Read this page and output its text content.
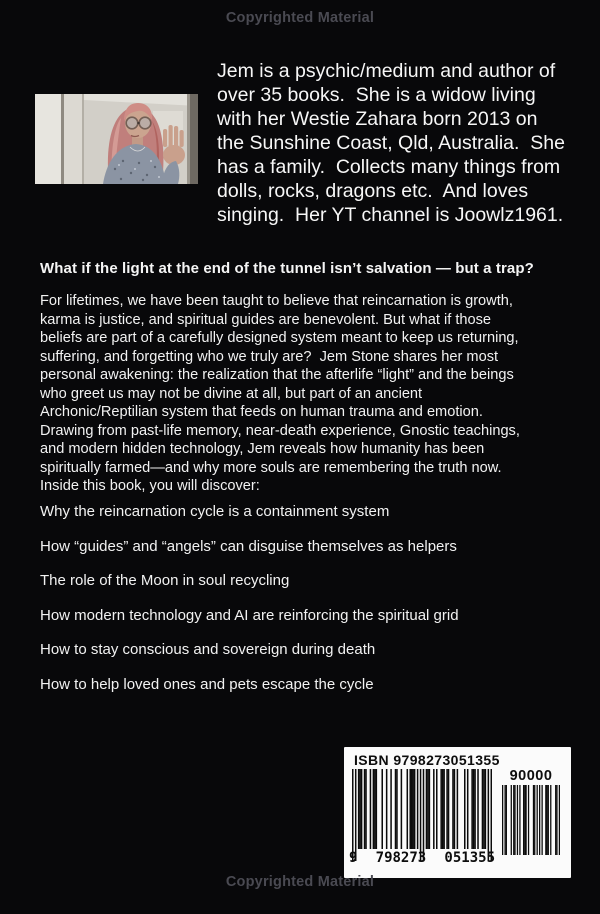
Copyrighted Material
Jem is a psychic/medium and author of
over 35 books.  She is a widow living
with her Westie Zahara born 2013 on
the Sunshine Coast, Qld, Australia.  She
has a family.  Collects many things from
dolls, rocks, dragons etc.  And loves
singing.  Her YT channel is Joowlz1961.
What if the light at the end of the tunnel isn’t salvation — but a trap?
For lifetimes, we have been taught to believe that reincarnation is growth,
karma is justice, and spiritual guides are benevolent. But what if those
beliefs are part of a carefully designed system meant to keep us returning,
suffering, and forgetting who we truly are?  Jem Stone shares her most
personal awakening: the realization that the afterlife “light” and the beings
who greet us may not be divine at all, but part of an ancient
Archonic/Reptilian system that feeds on human trauma and emotion.
Drawing from past-life memory, near-death experience, Gnostic teachings,
and modern hidden technology, Jem reveals how humanity has been
spiritually farmed—and why more souls are remembering the truth now.
Inside this book, you will discover:
Why the reincarnation cycle is a containment system
How “guides” and “angels” can disguise themselves as helpers
The role of the Moon in soul recycling
How modern technology and AI are reinforcing the spiritual grid
How to stay conscious and sovereign during death
How to help loved ones and pets escape the cycle
ISBN 9798273051355
90000
9 798273 051355
Copyrighted Material
